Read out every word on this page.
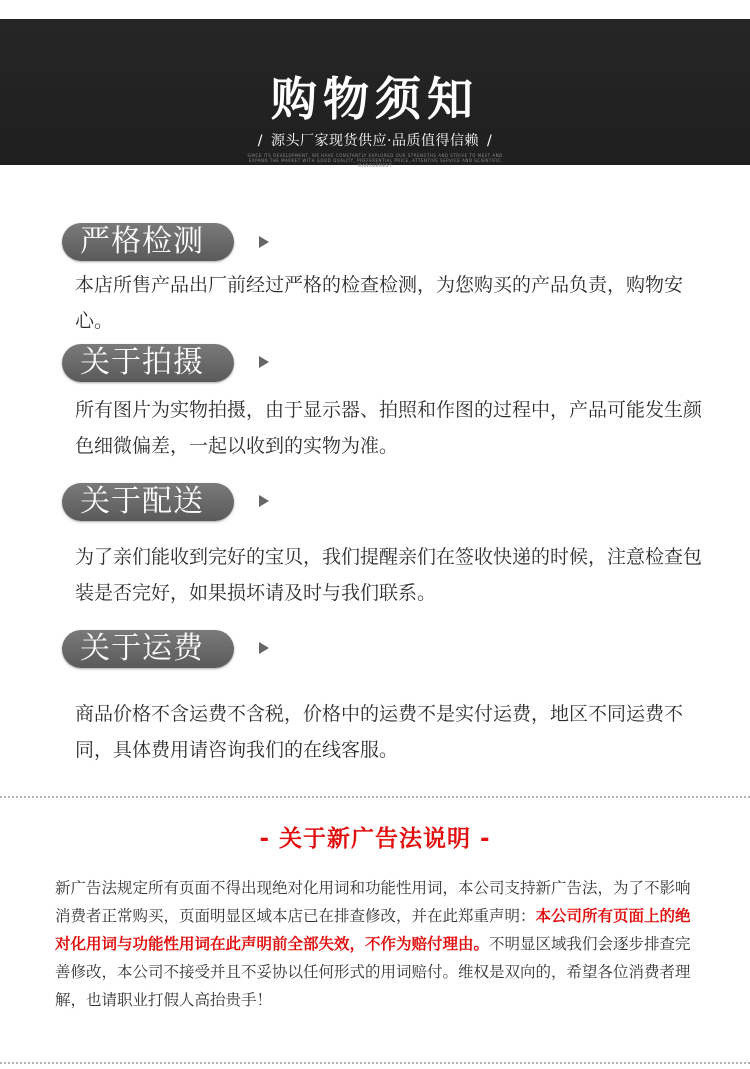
购物须知
/ 源头厂家现货供应·品质值得信赖 /
SINCE ITS DEVELOPMENT, WE HAVE CONSTANTLY EXPLORED OUR STRENGTHS AND STRIVE TO MEET AND EXPAND THE MARKET WITH GOOD QUALITY, PREFERENTIAL PRICE, ATTENTIVE SERVICE AND SCIENTIFIC MANAGEMENT
严格检测

本店所售产品出厂前经过严格的检查检测，为您购买的产品负责，购物安心。

关于拍摄

所有图片为实物拍摄，由于显示器、拍照和作图的过程中，产品可能发生颜色细微偏差，一起以收到的实物为准。

关于配送

为了亲们能收到完好的宝贝，我们提醒亲们在签收快递的时候，注意检查包装是否完好，如果损坏请及时与我们联系。

关于运费

商品价格不含运费不含税，价格中的运费不是实付运费，地区不同运费不同，具体费用请咨询我们的在线客服。

- 关于新广告法说明 -

新广告法规定所有页面不得出现绝对化用词和功能性用词，本公司支持新广告法，为了不影响消费者正常购买，页面明显区域本店已在排查修改，并在此郑重声明：本公司所有页面上的绝对化用词与功能性用词在此声明前全部失效，不作为赔付理由。不明显区域我们会逐步排查完善修改，本公司不接受并且不妥协以任何形式的用词赔付。维权是双向的，希望各位消费者理解，也请职业打假人高抬贵手！
